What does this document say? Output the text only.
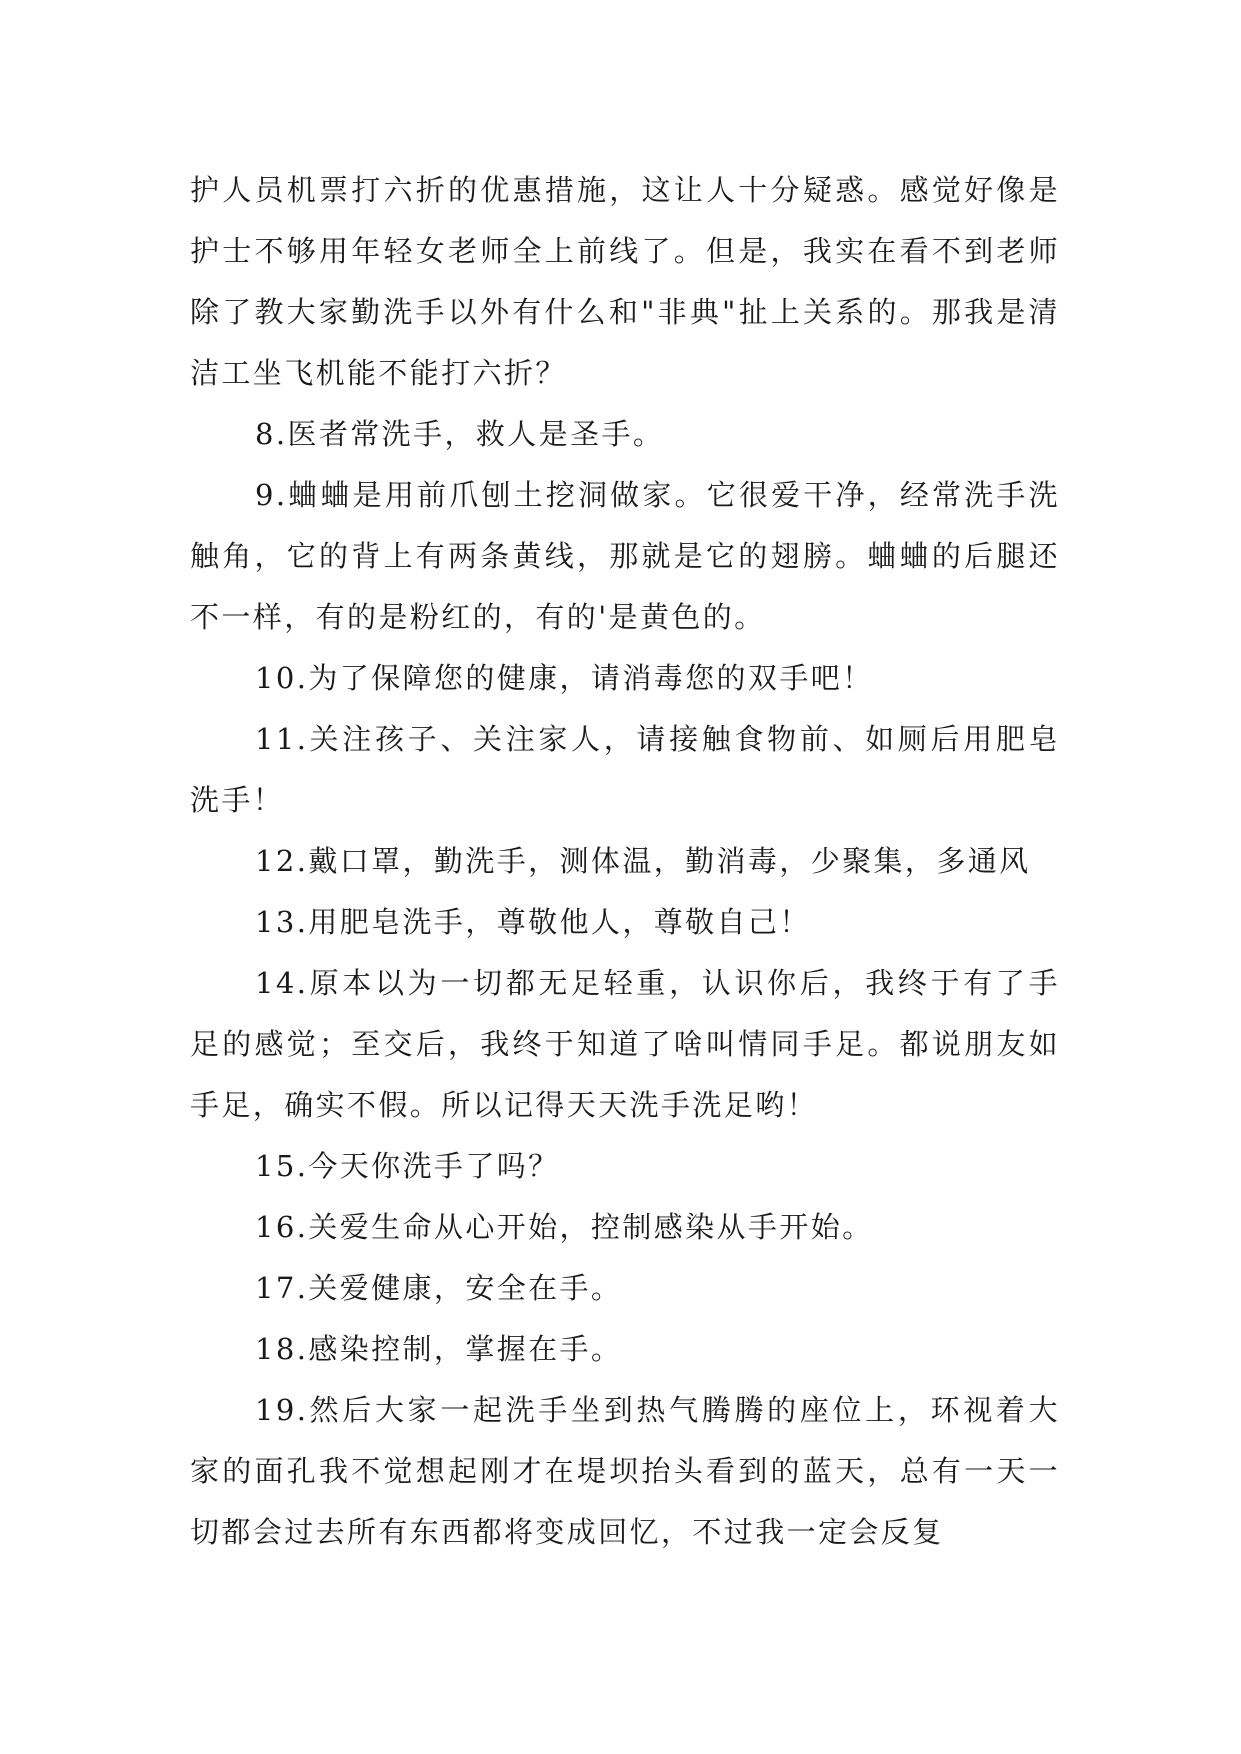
护人员机票打六折的优惠措施，这让人十分疑惑。感觉好像是护士不够用年轻女老师全上前线了。但是，我实在看不到老师除了教大家勤洗手以外有什么和"非典"扯上关系的。那我是清洁工坐飞机能不能打六折？

8.医者常洗手，救人是圣手。

9.蛐蛐是用前爪刨土挖洞做家。它很爱干净，经常洗手洗触角，它的背上有两条黄线，那就是它的翅膀。蛐蛐的后腿还不一样，有的是粉红的，有的'是黄色的。

10.为了保障您的健康，请消毒您的双手吧！

11.关注孩子、关注家人，请接触食物前、如厕后用肥皂洗手！

12.戴口罩，勤洗手，测体温，勤消毒，少聚集，多通风

13.用肥皂洗手，尊敬他人，尊敬自己！

14.原本以为一切都无足轻重，认识你后，我终于有了手足的感觉；至交后，我终于知道了啥叫情同手足。都说朋友如手足，确实不假。所以记得天天洗手洗足哟！

15.今天你洗手了吗？

16.关爱生命从心开始，控制感染从手开始。

17.关爱健康，安全在手。

18.感染控制，掌握在手。

19.然后大家一起洗手坐到热气腾腾的座位上，环视着大家的面孔我不觉想起刚才在堤坝抬头看到的蓝天，总有一天一切都会过去所有东西都将变成回忆，不过我一定会反复
